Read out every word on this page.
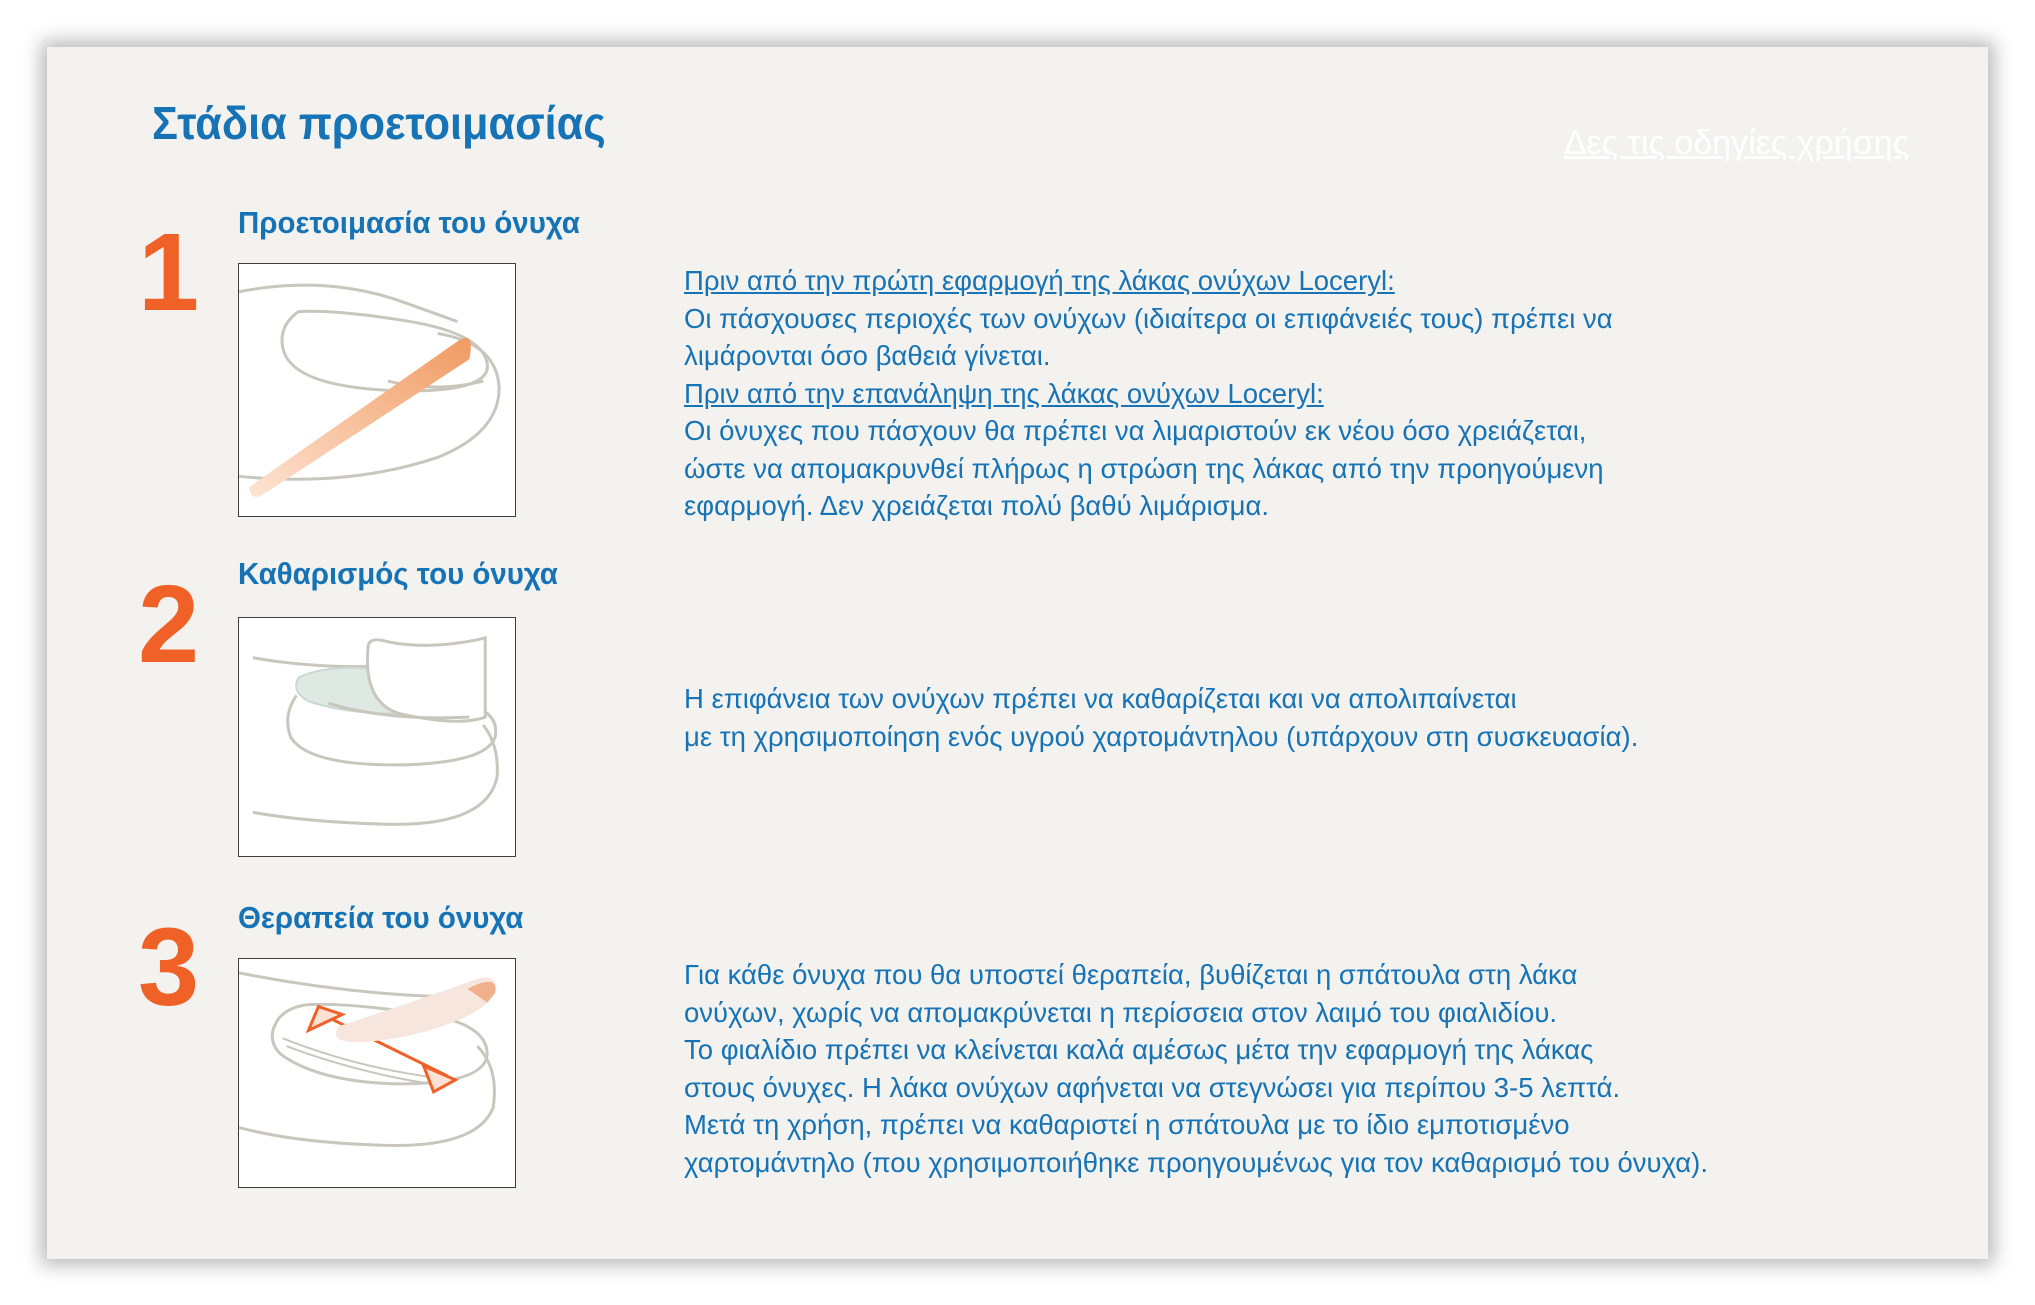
Στάδια προετοιμασίας	Δες τις οδηγίες χρήσης
1	Προετοιμασία του όνυχα
Πριν από την πρώτη εφαρμογή της λάκας ονύχων Loceryl:
Οι πάσχουσες περιοχές των ονύχων (ιδιαίτερα οι επιφάνειές τους) πρέπει να
λιμάρονται όσο βαθειά γίνεται.
Πριν από την επανάληψη της λάκας ονύχων Loceryl:
Οι όνυχες που πάσχουν θα πρέπει να λιμαριστούν εκ νέου όσο χρειάζεται,
ώστε να απομακρυνθεί πλήρως η στρώση της λάκας από την προηγούμενη
εφαρμογή. Δεν χρειάζεται πολύ βαθύ λιμάρισμα.
2	Καθαρισμός του όνυχα
Η επιφάνεια των ονύχων πρέπει να καθαρίζεται και να απολιπαίνεται
με τη χρησιμοποίηση ενός υγρού χαρτομάντηλου (υπάρχουν στη συσκευασία).
3	Θεραπεία του όνυχα
Για κάθε όνυχα που θα υποστεί θεραπεία, βυθίζεται η σπάτουλα στη λάκα
ονύχων, χωρίς να απομακρύνεται η περίσσεια στον λαιμό του φιαλιδίου.
Το φιαλίδιο πρέπει να κλείνεται καλά αμέσως μέτα την εφαρμογή της λάκας
στους όνυχες. Η λάκα ονύχων αφήνεται να στεγνώσει για περίπου 3-5 λεπτά.
Μετά τη χρήση, πρέπει να καθαριστεί η σπάτουλα με το ίδιο εμποτισμένο
χαρτομάντηλο (που χρησιμοποιήθηκε προηγουμένως για τον καθαρισμό του όνυχα).
